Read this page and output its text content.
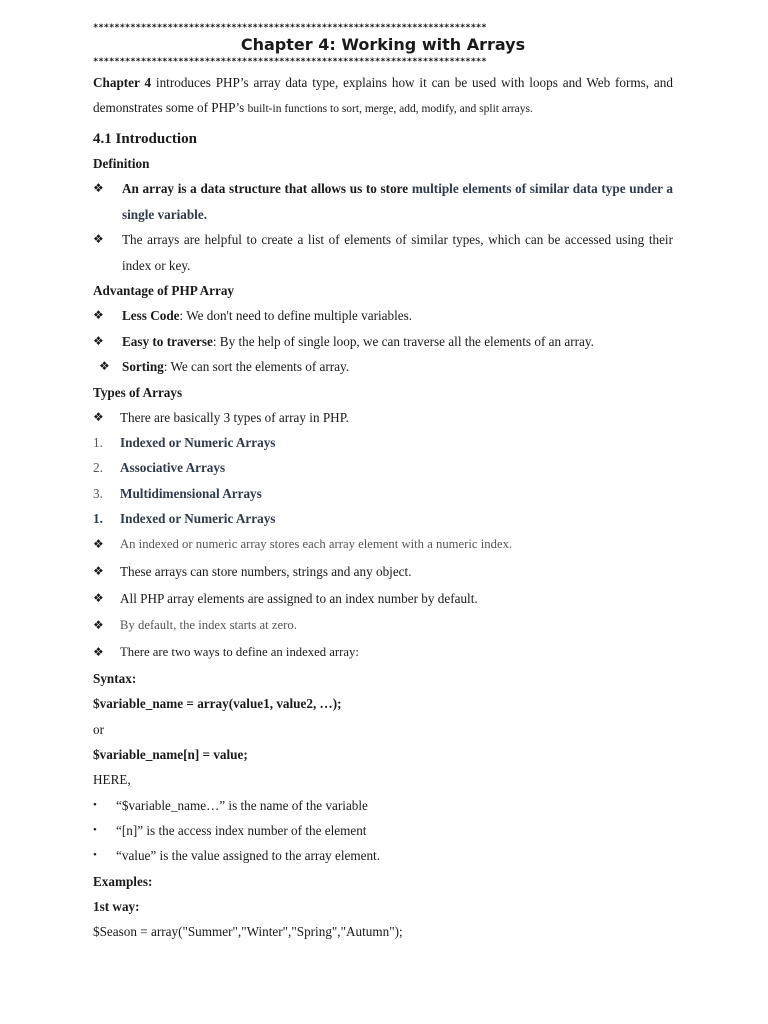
**************************************************************************
Chapter 4: Working with Arrays
**************************************************************************

Chapter 4 introduces PHP’s array data type, explains how it can be used with loops and Web forms, and demonstrates some of PHP’s built-in functions to sort, merge, add, modify, and split arrays.

4.1 Introduction
Definition
❖ An array is a data structure that allows us to store multiple elements of similar data type under a single variable.
❖ The arrays are helpful to create a list of elements of similar types, which can be accessed using their index or key.
Advantage of PHP Array
❖ Less Code: We don't need to define multiple variables.
❖ Easy to traverse: By the help of single loop, we can traverse all the elements of an array.
❖ Sorting: We can sort the elements of array.
Types of Arrays
❖ There are basically 3 types of array in PHP.
1. Indexed or Numeric Arrays
2. Associative Arrays
3. Multidimensional Arrays
1. Indexed or Numeric Arrays
❖ An indexed or numeric array stores each array element with a numeric index.
❖ These arrays can store numbers, strings and any object.
❖ All PHP array elements are assigned to an index number by default.
❖ By default, the index starts at zero.
❖ There are two ways to define an indexed array:
Syntax:
$variable_name = array(value1, value2, …);
or
$variable_name[n] = value;
HERE,
• “$variable_name…” is the name of the variable
• “[n]” is the access index number of the element
• “value” is the value assigned to the array element.
Examples:
1st way:
$Season = array("Summer","Winter","Spring","Autumn");
